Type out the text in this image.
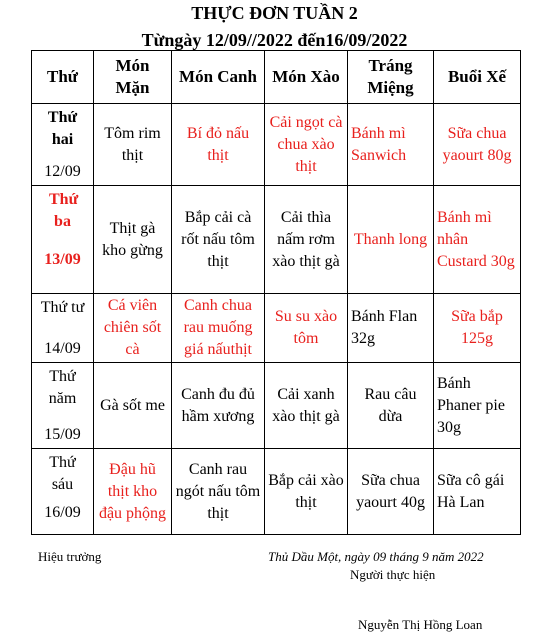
THỰC ĐƠN TUẦN 2
Từngày 12/09//2022 đến16/09/2022
Thứ	Món Mặn	Món Canh	Món Xào	Tráng Miệng	Buổi Xế

Thứ hai
12/09	Tôm rim thịt	Bí đỏ nấu thịt	Cải ngọt cà chua xào thịt	Bánh mì Sanwich	Sữa chua yaourt 80g

Thứ ba
13/09	Thịt gà kho gừng	Bắp cải cà rốt nấu tôm thịt	Cải thìa nấm rơm xào thịt gà	Thanh long	Bánh mì nhân Custard 30g

Thứ tư
14/09	Cá viên chiên sốt cà	Canh chua rau muống giá nấuthịt	Su su xào tôm	Bánh Flan 32g	Sữa bắp 125g

Thứ năm
15/09	Gà sốt me	Canh đu đủ hầm xương	Cải xanh xào thịt gà	Rau câu dừa	Bánh Phaner pie 30g

Thứ sáu
16/09	Đậu hũ thịt kho đậu phộng	Canh rau ngót nấu tôm thịt	Bắp cải xào thịt	Sữa chua yaourt 40g	Sữa cô gái Hà Lan
Hiệu trưởng	Thủ Dầu Một, ngày 09 tháng 9 năm 2022
Người thực hiện
Nguyễn Thị Hồng Loan
